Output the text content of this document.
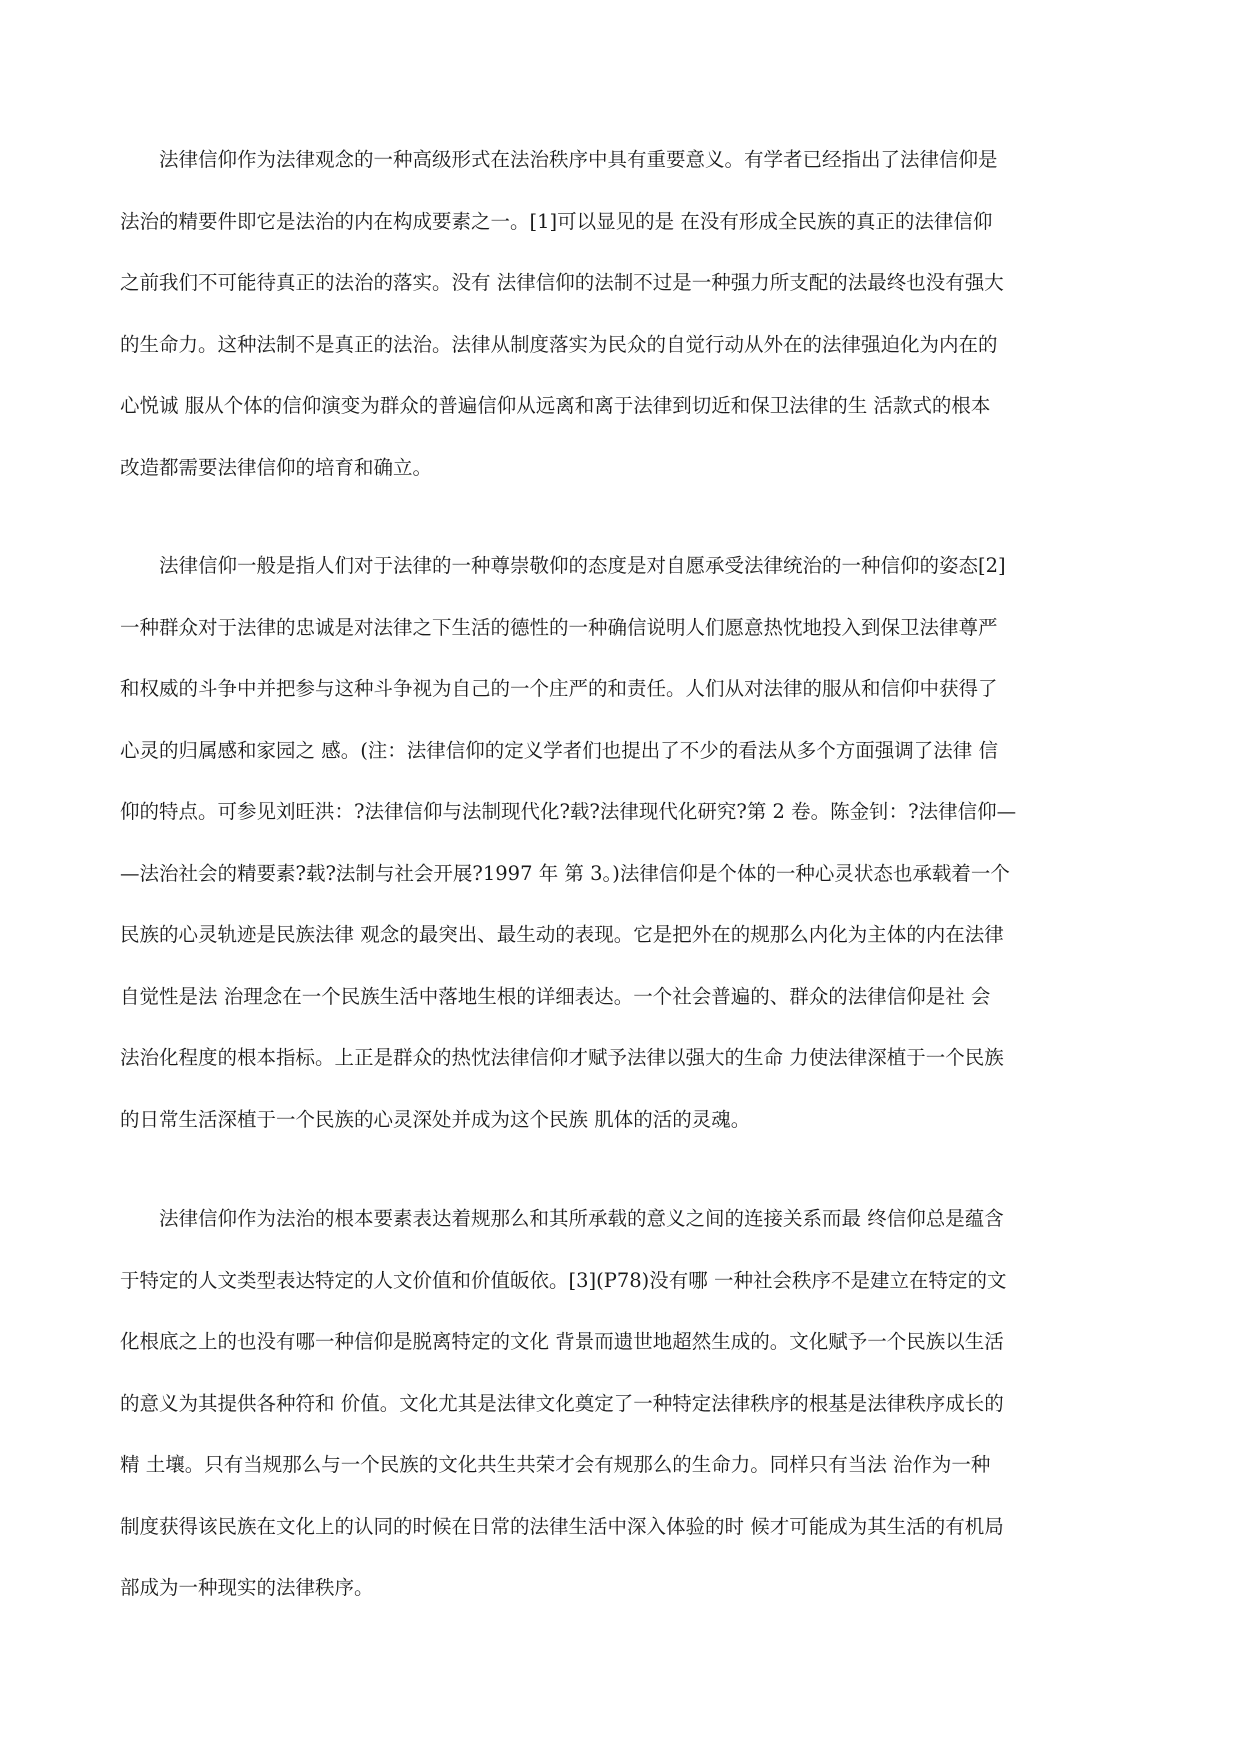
　　法律信仰作为法律观念的一种高级形式在法治秩序中具有重要意义。有学者已经指出了法律信仰是
法治的精要件即它是法治的内在构成要素之一。[1]可以显见的是 在没有形成全民族的真正的法律信仰
之前我们不可能待真正的法治的落实。没有 法律信仰的法制不过是一种强力所支配的法最终也没有强大
的生命力。这种法制不是真正的法治。法律从制度落实为民众的自觉行动从外在的法律强迫化为内在的
心悦诚 服从个体的信仰演变为群众的普遍信仰从远离和离于法律到切近和保卫法律的生 活款式的根本
改造都需要法律信仰的培育和确立。
　　法律信仰一般是指人们对于法律的一种尊崇敬仰的态度是对自愿承受法律统治的一种信仰的姿态[2]
一种群众对于法律的忠诚是对法律之下生活的德性的一种确信说明人们愿意热忱地投入到保卫法律尊严
和权威的斗争中并把参与这种斗争视为自己的一个庄严的和责任。人们从对法律的服从和信仰中获得了
心灵的归属感和家园之 感。(注：法律信仰的定义学者们也提出了不少的看法从多个方面强调了法律 信
仰的特点。可参见刘旺洪：?法律信仰与法制现代化?载?法律现代化研究?第 2 卷。陈金钊：?法律信仰—
—法治社会的精要素?载?法制与社会开展?1997 年 第 3。)法律信仰是个体的一种心灵状态也承载着一个
民族的心灵轨迹是民族法律 观念的最突出、最生动的表现。它是把外在的规那么内化为主体的内在法律
自觉性是法 治理念在一个民族生活中落地生根的详细表达。一个社会普遍的、群众的法律信仰是社 会
法治化程度的根本指标。上正是群众的热忱法律信仰才赋予法律以强大的生命 力使法律深植于一个民族
的日常生活深植于一个民族的心灵深处并成为这个民族 肌体的活的灵魂。
　　法律信仰作为法治的根本要素表达着规那么和其所承载的意义之间的连接关系而最 终信仰总是蕴含
于特定的人文类型表达特定的人文价值和价值皈依。[3](P78)没有哪 一种社会秩序不是建立在特定的文
化根底之上的也没有哪一种信仰是脱离特定的文化 背景而遗世地超然生成的。文化赋予一个民族以生活
的意义为其提供各种符和 价值。文化尤其是法律文化奠定了一种特定法律秩序的根基是法律秩序成长的
精 土壤。只有当规那么与一个民族的文化共生共荣才会有规那么的生命力。同样只有当法 治作为一种
制度获得该民族在文化上的认同的时候在日常的法律生活中深入体验的时 候才可能成为其生活的有机局
部成为一种现实的法律秩序。
